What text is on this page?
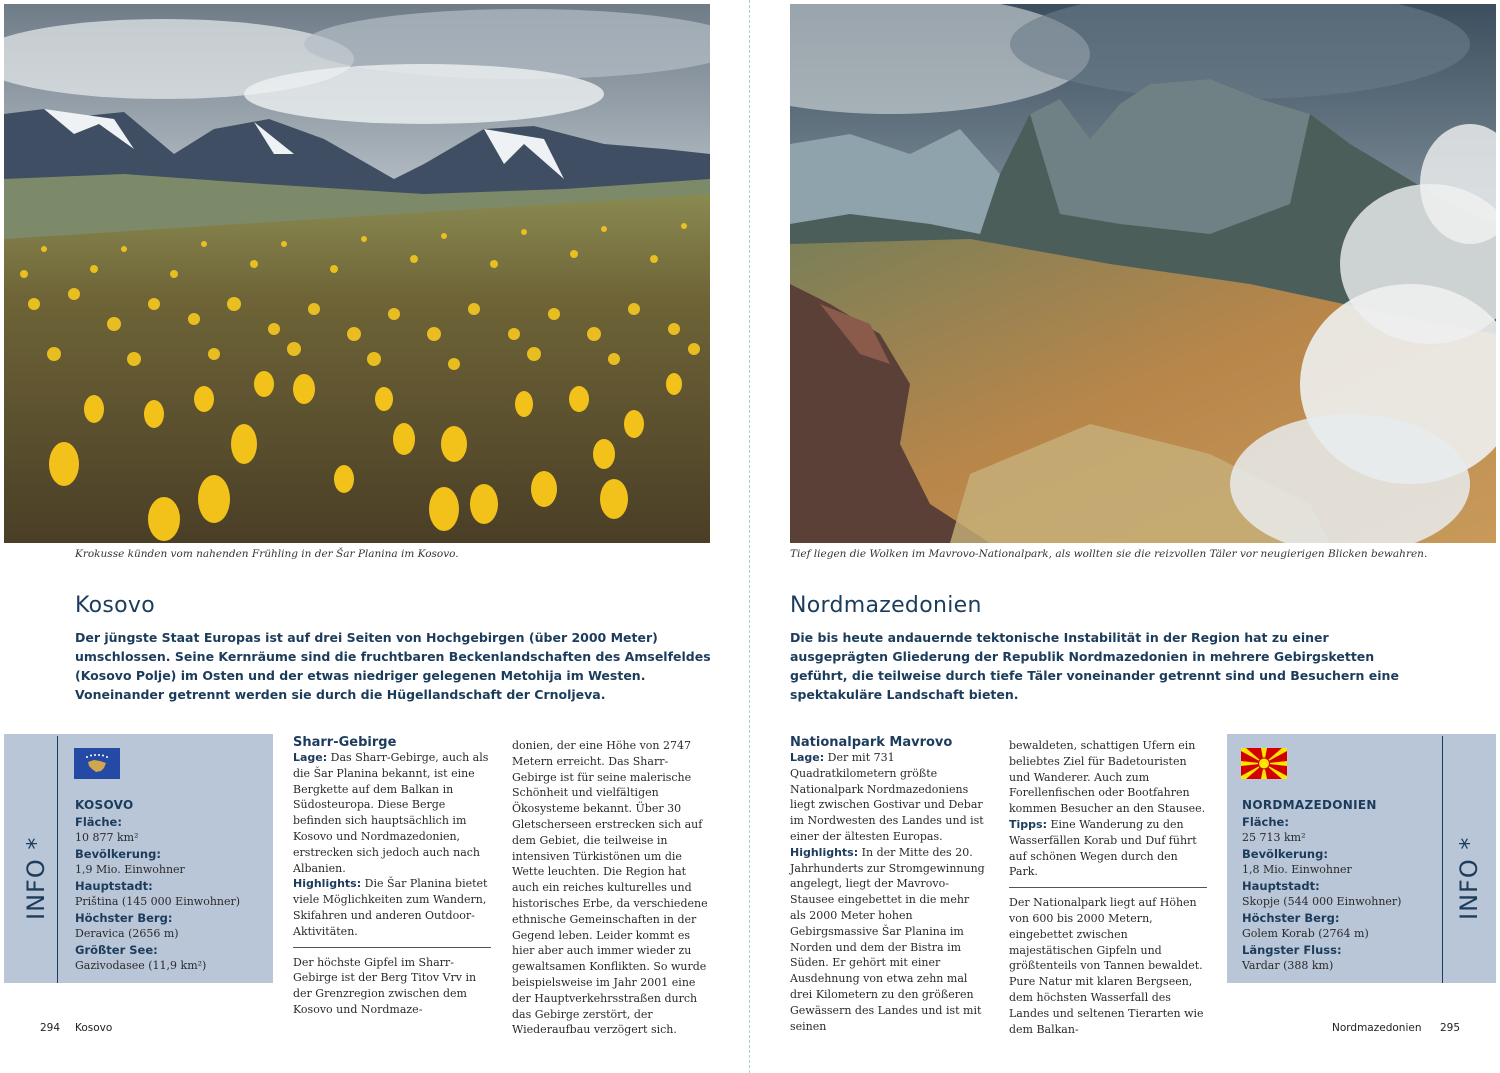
Krokusse künden vom nahenden Frühling in der Šar Planina im Kosovo.
Kosovo
Der jüngste Staat Europas ist auf drei Seiten von Hochgebirgen (über 2000 Meter) umschlossen. Seine Kernräume sind die fruchtbaren Beckenlandschaften des Amselfeldes (Kosovo Polje) im Osten und der etwas niedriger gelegenen Metohija im Westen. Voneinander getrennt werden sie durch die Hügellandschaft der Crnoljeva.
INFO *
KOSOVO
Fläche:
10 877 km²
Bevölkerung:
1,9 Mio. Einwohner
Hauptstadt:
Priština (145 000 Einwohner)
Höchster Berg:
Deravica (2656 m)
Größter See:
Gazivodasee (11,9 km²)
Sharr-Gebirge

Lage: Das Sharr-Gebirge, auch als die Šar Planina bekannt, ist eine Bergkette auf dem Balkan in Südosteuropa. Diese Berge befinden sich hauptsächlich im Kosovo und Nordmazedonien, erstrecken sich jedoch auch nach Albanien.

Highlights: Die Šar Planina bietet viele Möglichkeiten zum Wandern, Skifahren und anderen Outdoor-Aktivitäten.

Der höchste Gipfel im Sharr-Gebirge ist der Berg Titov Vrv in der Grenzregion zwischen dem Kosovo und Nordmaze-

donien, der eine Höhe von 2747 Metern erreicht. Das Sharr-Gebirge ist für seine malerische Schönheit und vielfältigen Ökosysteme bekannt. Über 30 Gletscherseen erstrecken sich auf dem Gebiet, die teilweise in intensiven Türkistönen um die Wette leuchten. Die Region hat auch ein reiches kulturelles und historisches Erbe, da verschiedene ethnische Gemeinschaften in der Gegend leben. Leider kommt es hier aber auch immer wieder zu gewaltsamen Konflikten. So wurde beispielsweise im Jahr 2001 eine der Hauptverkehrsstraßen durch das Gebirge zerstört, der Wiederaufbau verzögert sich.

294 Kosovo
Tief liegen die Wolken im Mavrovo-Nationalpark, als wollten sie die reizvollen Täler vor neugierigen Blicken bewahren.
Nordmazedonien
Die bis heute andauernde tektonische Instabilität in der Region hat zu einer ausgeprägten Gliederung der Republik Nordmazedonien in mehrere Gebirgsketten geführt, die teilweise durch tiefe Täler voneinander getrennt sind und Besuchern eine spektakuläre Landschaft bieten.
Nationalpark Mavrovo

Lage: Der mit 731 Quadratkilometern größte Nationalpark Nordmazedoniens liegt zwischen Gostivar und Debar im Nordwesten des Landes und ist einer der ältesten Europas.

Highlights: In der Mitte des 20. Jahrhunderts zur Stromgewinnung angelegt, liegt der Mavrovo-Stausee eingebettet in die mehr als 2000 Meter hohen Gebirgsmassive Šar Planina im Norden und dem der Bistra im Süden. Er gehört mit einer Ausdehnung von etwa zehn mal drei Kilometern zu den größeren Gewässern des Landes und ist mit seinen

bewaldeten, schattigen Ufern ein beliebtes Ziel für Badetouristen und Wanderer. Auch zum Forellenfischen oder Bootfahren kommen Besucher an den Stausee.

Tipps: Eine Wanderung zu den Wasserfällen Korab und Duf führt auf schönen Wegen durch den Park.

Der Nationalpark liegt auf Höhen von 600 bis 2000 Metern, eingebettet zwischen majestätischen Gipfeln und größtenteils von Tannen bewaldet. Pure Natur mit klaren Bergseen, dem höchsten Wasserfall des Landes und seltenen Tierarten wie dem Balkan-

NORDMAZEDONIEN
Fläche:
25 713 km²
Bevölkerung:
1,8 Mio. Einwohner
Hauptstadt:
Skopje (544 000 Einwohner)
Höchster Berg:
Golem Korab (2764 m)
Längster Fluss:
Vardar (388 km)
INFO *
Nordmazedonien 295
